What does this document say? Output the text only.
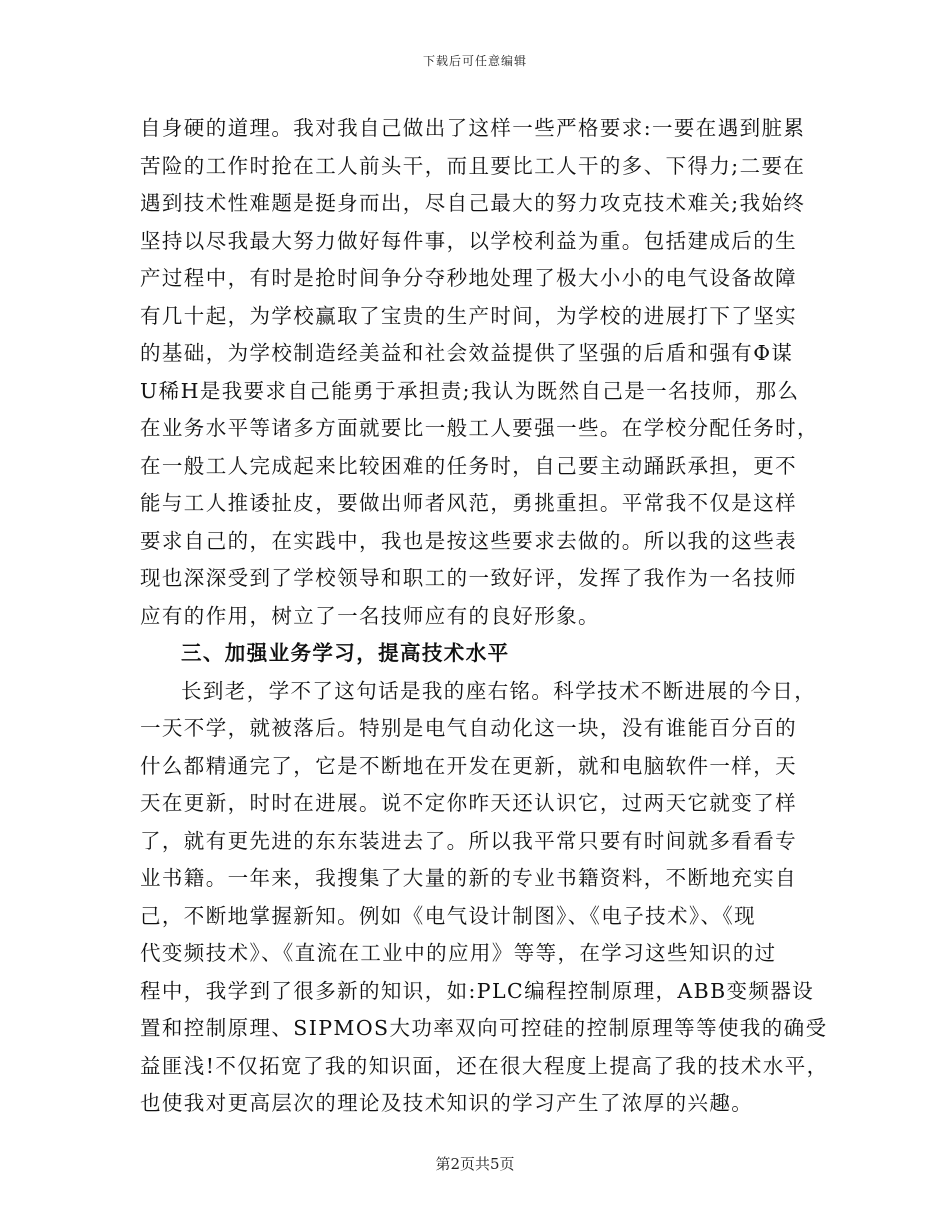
下载后可任意编辑
自身硬的道理。我对我自己做出了这样一些严格要求:一要在遇到脏累
苦险的工作时抢在工人前头干，而且要比工人干的多、下得力;二要在
遇到技术性难题是挺身而出，尽自己最大的努力攻克技术难关;我始终
坚持以尽我最大努力做好每件事，以学校利益为重。包括建成后的生
产过程中，有时是抢时间争分夺秒地处理了极大小小的电气设备故障
有几十起，为学校赢取了宝贵的生产时间，为学校的进展打下了坚实
的基础，为学校制造经美益和社会效益提供了坚强的后盾和强有Φ谋
U稀H是我要求自己能勇于承担责;我认为既然自己是一名技师，那么
在业务水平等诸多方面就要比一般工人要强一些。在学校分配任务时，
在一般工人完成起来比较困难的任务时，自己要主动踊跃承担，更不
能与工人推诿扯皮，要做出师者风范，勇挑重担。平常我不仅是这样
要求自己的，在实践中，我也是按这些要求去做的。所以我的这些表
现也深深受到了学校领导和职工的一致好评，发挥了我作为一名技师
应有的作用，树立了一名技师应有的良好形象。
三、加强业务学习，提高技术水平
长到老，学不了这句话是我的座右铭。科学技术不断进展的今日，
一天不学，就被落后。特别是电气自动化这一块，没有谁能百分百的
什么都精通完了，它是不断地在开发在更新，就和电脑软件一样，天
天在更新，时时在进展。说不定你昨天还认识它，过两天它就变了样
了，就有更先进的东东装进去了。所以我平常只要有时间就多看看专
业书籍。一年来，我搜集了大量的新的专业书籍资料，不断地充实自
己，不断地掌握新知。例如《电气设计制图》、《电子技术》、《现
代变频技术》、《直流在工业中的应用》等等，在学习这些知识的过
程中，我学到了很多新的知识，如:PLC编程控制原理，ABB变频器设
置和控制原理、SIPMOS大功率双向可控硅的控制原理等等使我的确受
益匪浅!不仅拓宽了我的知识面，还在很大程度上提高了我的技术水平，
也使我对更高层次的理论及技术知识的学习产生了浓厚的兴趣。
第2页共5页
